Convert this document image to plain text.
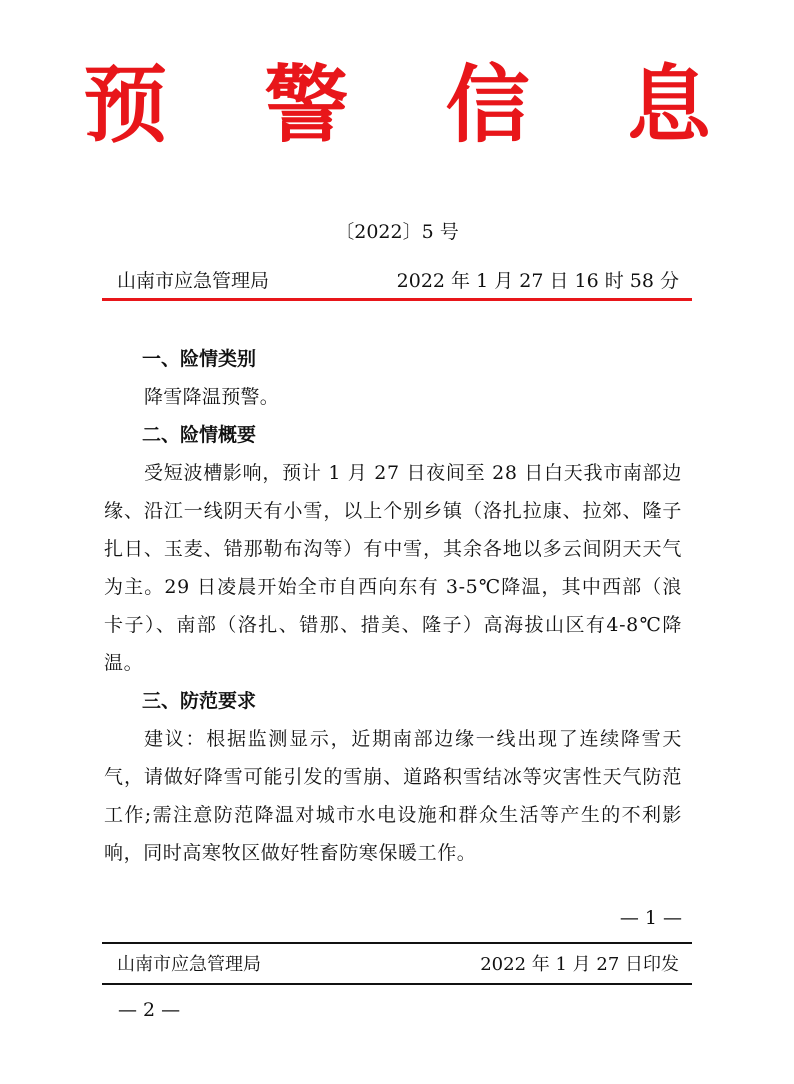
预 警 信 息
〔2022〕5 号
山南市应急管理局	2022 年 1 月 27 日 16 时 58 分
一、险情类别
降雪降温预警。
二、险情概要
受短波槽影响，预计 1 月 27 日夜间至 28 日白天我市南部边缘、沿江一线阴天有小雪，以上个别乡镇（洛扎拉康、拉郊、隆子扎日、玉麦、错那勒布沟等）有中雪，其余各地以多云间阴天天气为主。29 日凌晨开始全市自西向东有 3-5℃降温，其中西部（浪卡子）、南部（洛扎、错那、措美、隆子）高海拔山区有4-8℃降温。
三、防范要求
建议：根据监测显示，近期南部边缘一线出现了连续降雪天气，请做好降雪可能引发的雪崩、道路积雪结冰等灾害性天气防范工作;需注意防范降温对城市水电设施和群众生活等产生的不利影响，同时高寒牧区做好牲畜防寒保暖工作。
— 1 —
山南市应急管理局	2022 年 1 月 27 日印发
— 2 —
